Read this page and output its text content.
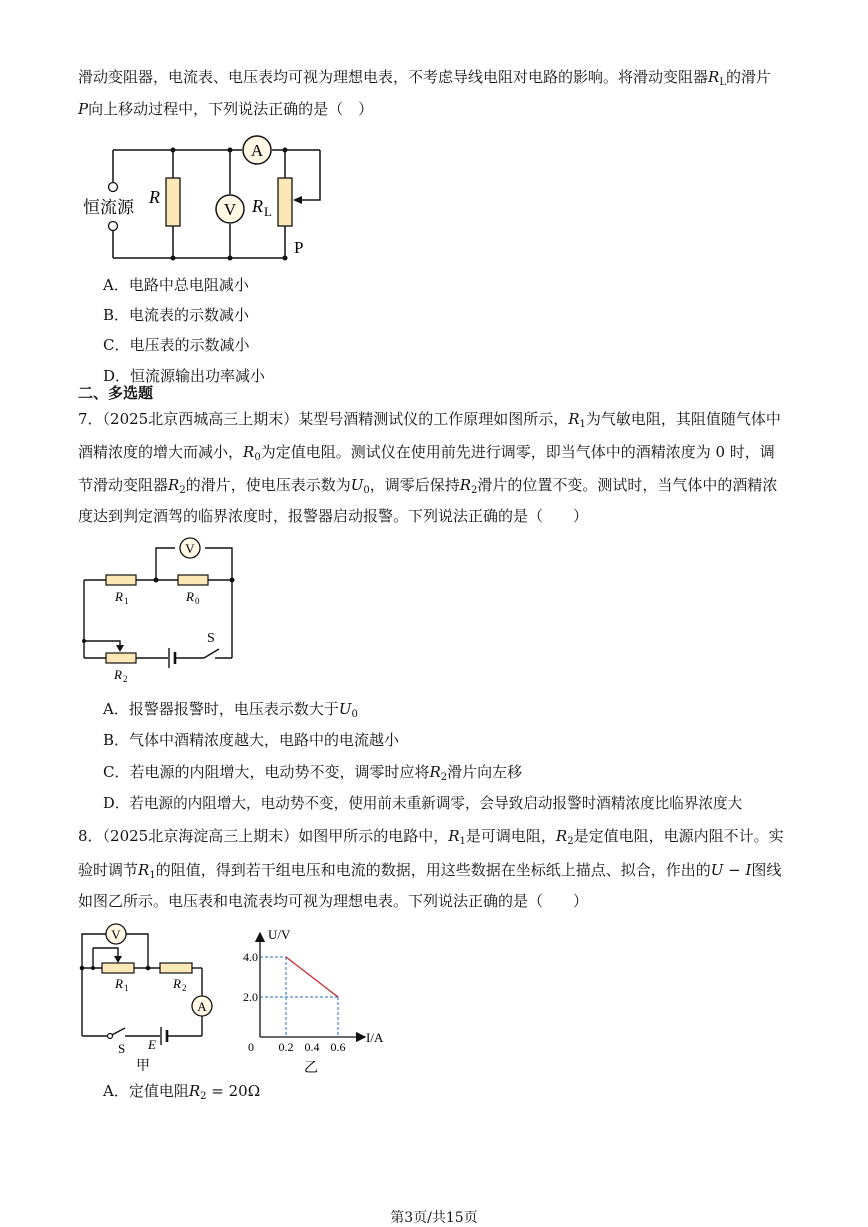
滑动变阻器，电流表、电压表均可视为理想电表，不考虑导线电阻对电路的影响。将滑动变阻器$R_L$的滑片
P向上移动过程中，下列说法正确的是（　）
A
V
恒流源
R	R L
P
A．电路中总电阻减小
B．电流表的示数减小
C．电压表的示数减小
D．恒流源输出功率减小
二、多选题
7．（2025北京西城高三上期末）某型号酒精测试仪的工作原理如图所示，$R_1$为气敏电阻，其阻值随气体中
酒精浓度的增大而减小，$R_0$为定值电阻。测试仪在使用前先进行调零，即当气体中的酒精浓度为 0 时，调
节滑动变阻器$R_2$的滑片，使电压表示数为$U_0$，调零后保持$R_2$滑片的位置不变。测试时，当气体中的酒精浓
度达到判定酒驾的临界浓度时，报警器启动报警。下列说法正确的是（　　）
V
R 1	R 0
S
R 2
A．报警器报警时，电压表示数大于$U_0$
B．气体中酒精浓度越大，电路中的电流越小
C．若电源的内阻增大，电动势不变，调零时应将$R_2$滑片向左移
D．若电源的内阻增大，电动势不变，使用前未重新调零，会导致启动报警时酒精浓度比临界浓度大
8．（2025北京海淀高三上期末）如图甲所示的电路中，$R_1$是可调电阻，$R_2$是定值电阻，电源内阻不计。实
验时调节$R_1$的阻值，得到若干组电压和电流的数据，用这些数据在坐标纸上描点、拟合，作出的U − I图线
如图乙所示。电压表和电流表均可视为理想电表。下列说法正确的是（　　）
V
A
R 1	R 2
S E
甲
U/V
I/A
0
4.0
2.0
0.2 0.4 0.6
乙
A．定值电阻$R_2 = 20\Omega$
第3页/共15页
